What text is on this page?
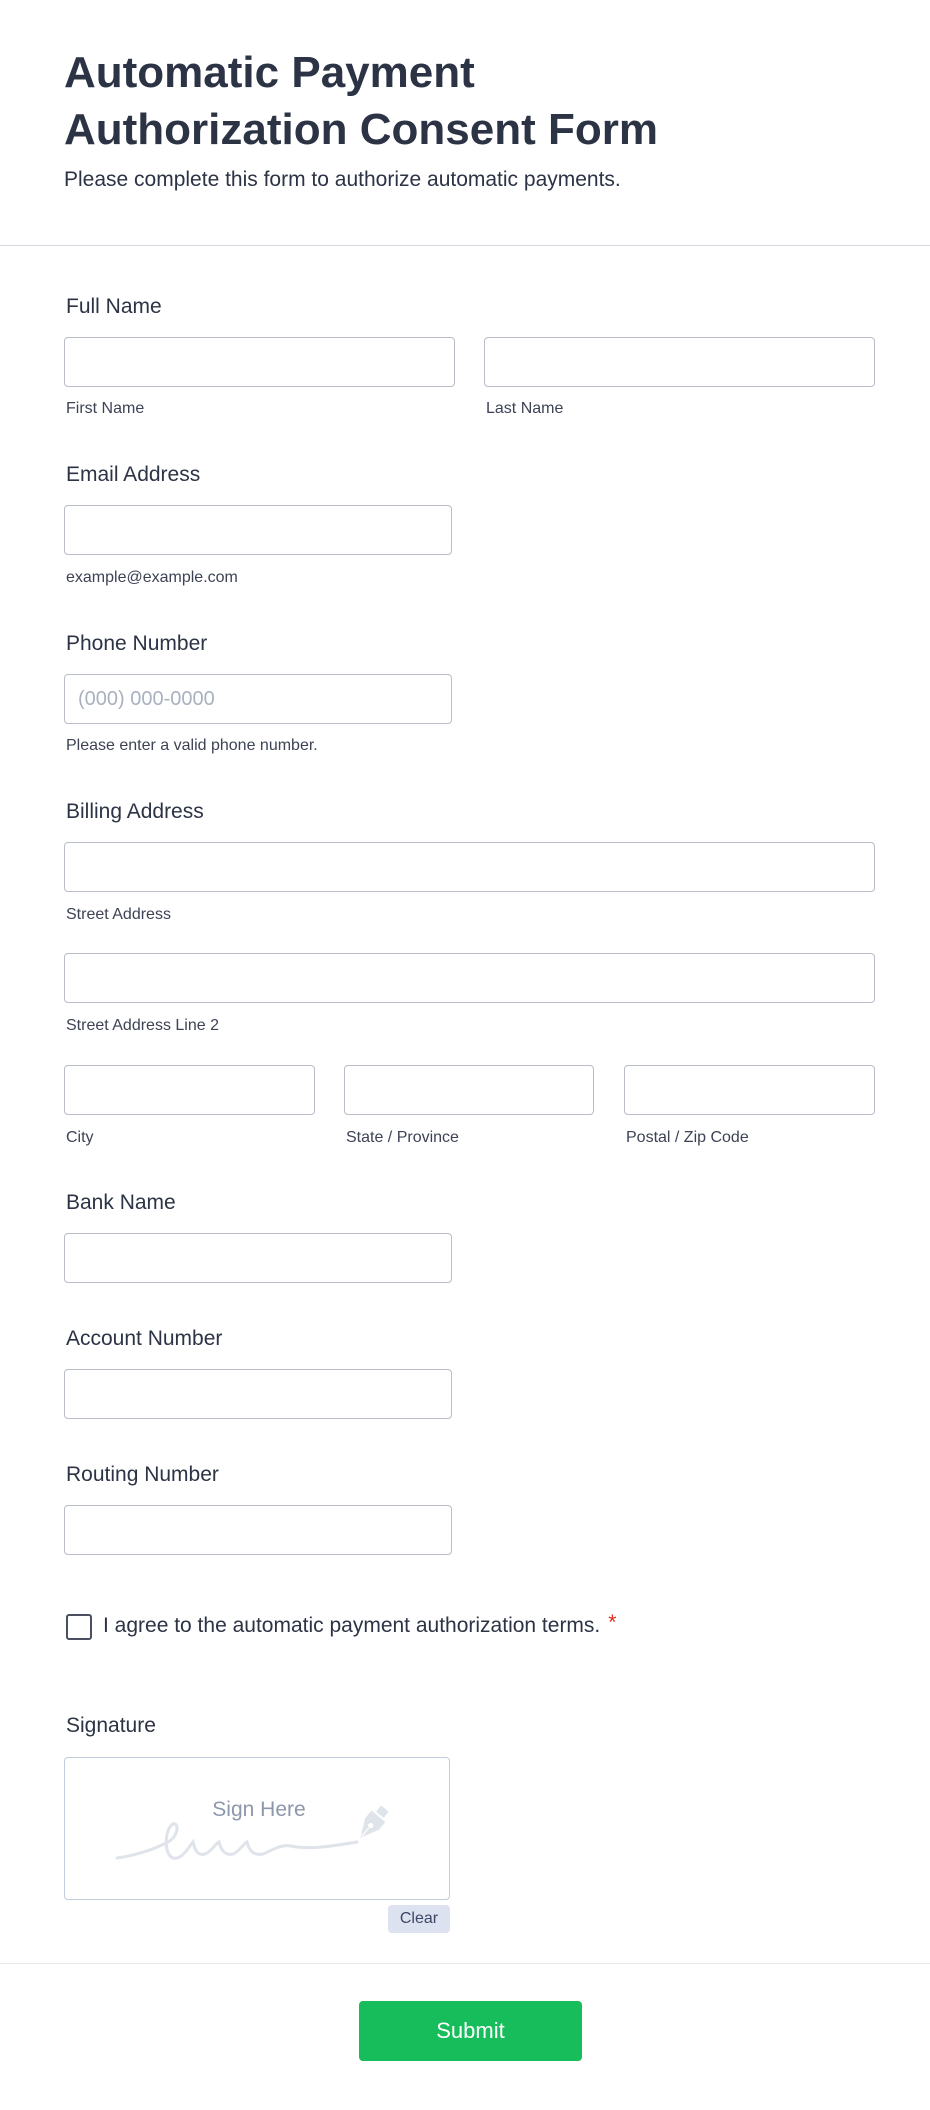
Automatic Payment Authorization Consent Form
Please complete this form to authorize automatic payments.
Full Name
First Name	Last Name
Email Address
example@example.com
Phone Number
(000) 000-0000
Please enter a valid phone number.
Billing Address
Street Address
Street Address Line 2
City	State / Province	Postal / Zip Code
Bank Name
Account Number
Routing Number
I agree to the automatic payment authorization terms. *
Signature
Sign Here
Clear
Submit
